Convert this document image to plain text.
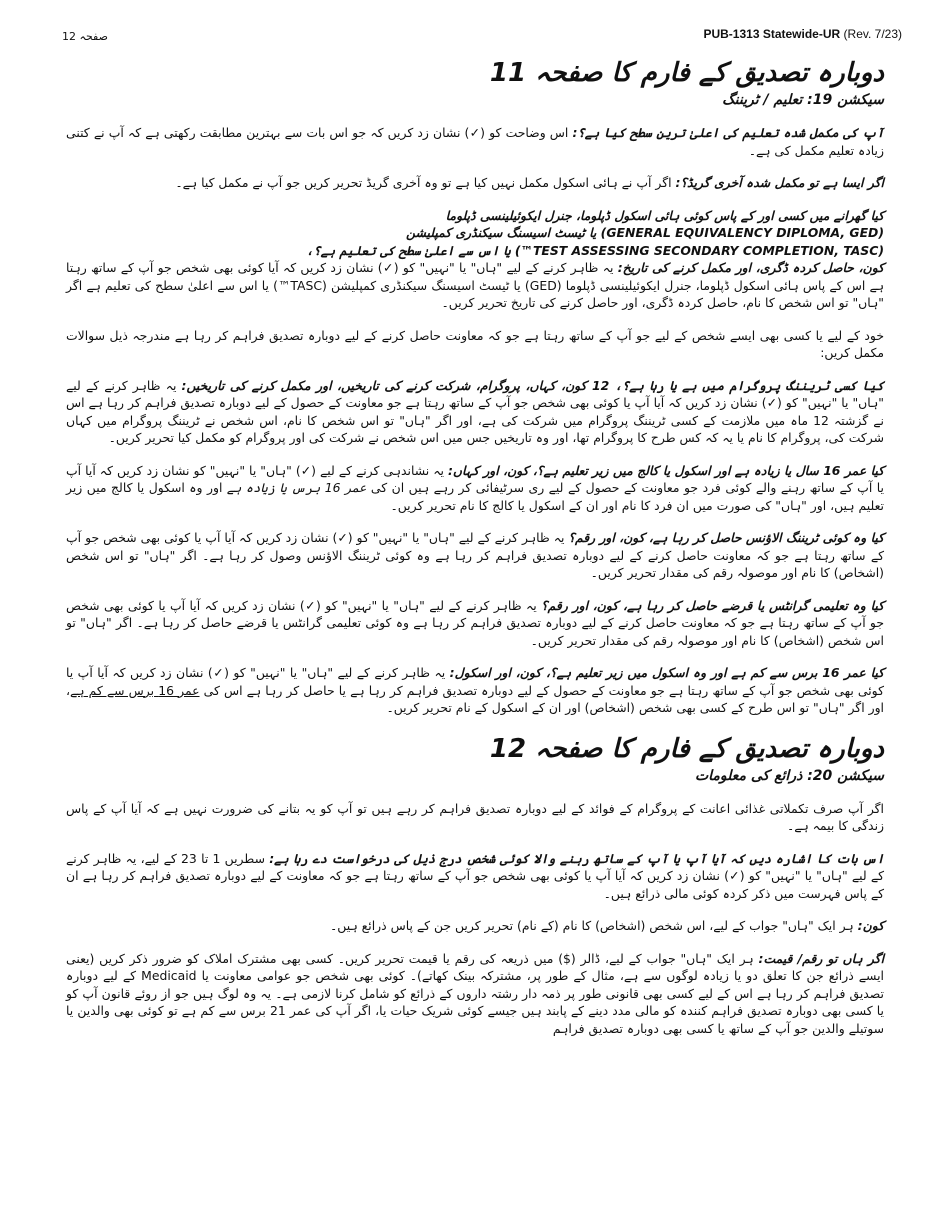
صفحہ 12	PUB-1313 Statewide-UR (Rev. 7/23)
دوبارہ تصدیق کے فارم کا صفحہ 11
سیکشن 19: تعلیم / ٹریننگ

آپ کی مکمل شدہ تعلیم کی اعلیٰ ترین سطح کیا ہے؟: اس وضاحت کو (✓) نشان زد کریں کہ جو اس بات سے بہترین مطابقت رکھتی ہے کہ آپ نے کتنی زیادہ تعلیم مکمل کی ہے۔

اگر ایسا ہے تو مکمل شدہ آخری گریڈ؟: اگر آپ نے ہائی اسکول مکمل نہیں کیا ہے تو وہ آخری گریڈ تحریر کریں جو آپ نے مکمل کیا ہے۔

کیا گھرانے میں کسی اور کے پاس کوئی ہائی اسکول ڈپلوما، جنرل ایکوئیلینسی ڈپلوما

(GENERAL EQUIVALENCY DIPLOMA, GED) یا ٹیسٹ اسیسنگ سیکنڈری کمپلیشن

(TEST ASSESSING SECONDARY COMPLETION, TASC™) یا اس سے اعلیٰ سطح کی تعلیم ہے؟،

کون، حاصل کردہ ڈگری، اور مکمل کرنے کی تاریخ: یہ ظاہر کرنے کے لیے "ہاں" یا "نہیں" کو (✓) نشان زد کریں کہ آیا کوئی بھی شخص جو آپ کے ساتھ رہتا ہے اس کے پاس ہائی اسکول ڈپلوما، جنرل ایکوئیلینسی ڈپلوما (GED) یا ٹیسٹ اسیسنگ سیکنڈری کمپلیشن (TASC™) یا اس سے اعلیٰ سطح کی تعلیم ہے اگر "ہاں" تو اس شخص کا نام، حاصل کردہ ڈگری، اور حاصل کرنے کی تاریخ تحریر کریں۔

خود کے لیے یا کسی بھی ایسے شخص کے لیے جو آپ کے ساتھ رہتا ہے جو کہ معاونت حاصل کرنے کے لیے دوبارہ تصدیق فراہم کر رہا ہے مندرجہ ذیل سوالات مکمل کریں:

کیا کسی ٹریننگ پروگرام میں ہے یا رہا ہے؟، 12 کون، کہاں، پروگرام، شرکت کرنے کی تاریخیں، اور مکمل کرنے کی تاریخیں: یہ ظاہر کرنے کے لیے "ہاں" یا "نہیں" کو (✓) نشان زد کریں کہ آیا آپ یا کوئی بھی شخص جو آپ کے ساتھ رہتا ہے جو معاونت کے حصول کے لیے دوبارہ تصدیق فراہم کر رہا ہے اس نے گزشتہ 12 ماہ میں ملازمت کے کسی ٹریننگ پروگرام میں شرکت کی ہے، اور اگر "ہاں" تو اس شخص کا نام، اس شخص نے ٹریننگ پروگرام میں کہاں شرکت کی، پروگرام کا نام یا یہ کہ کس طرح کا پروگرام تھا، اور وہ تاریخیں جس میں اس شخص نے شرکت کی اور پروگرام کو مکمل کیا تحریر کریں۔

کیا عمر 16 سال یا زیادہ ہے اور اسکول یا کالج میں زیر تعلیم ہے؟، کون، اور کہاں: یہ نشاندہی کرنے کے لیے (✓) "ہاں" یا "نہیں" کو نشان زد کریں کہ آیا آپ یا آپ کے ساتھ رہنے والے کوئی فرد جو معاونت کے حصول کے لیے ری سرٹیفائی کر رہے ہیں ان کی عمر 16 برس یا زیادہ ہے اور وہ اسکول یا کالج میں زیر تعلیم ہیں، اور "ہاں" کی صورت میں ان فرد کا نام اور ان کے اسکول یا کالج کا نام تحریر کریں۔

کیا وہ کوئی ٹریننگ الاؤنس حاصل کر رہا ہے، کون، اور رقم؟ یہ ظاہر کرنے کے لیے "ہاں" یا "نہیں" کو (✓) نشان زد کریں کہ آیا آپ یا کوئی بھی شخص جو آپ کے ساتھ رہتا ہے جو کہ معاونت حاصل کرنے کے لیے دوبارہ تصدیق فراہم کر رہا ہے وہ کوئی ٹریننگ الاؤنس وصول کر رہا ہے۔ اگر "ہاں" تو اس شخص (اشخاص) کا نام اور موصولہ رقم کی مقدار تحریر کریں۔

کیا وہ تعلیمی گرانٹس یا قرضے حاصل کر رہا ہے، کون، اور رقم؟ یہ ظاہر کرنے کے لیے "ہاں" یا "نہیں" کو (✓) نشان زد کریں کہ آیا آپ یا کوئی بھی شخص جو آپ کے ساتھ رہتا ہے جو کہ معاونت حاصل کرنے کے لیے دوبارہ تصدیق فراہم کر رہا ہے وہ کوئی تعلیمی گرانٹس یا قرضے حاصل کر رہا ہے۔ اگر "ہاں" تو اس شخص (اشخاص) کا نام اور موصولہ رقم کی مقدار تحریر کریں۔

کیا عمر 16 برس سے کم ہے اور وہ اسکول میں زیر تعلیم ہے؟، کون، اور اسکول: یہ ظاہر کرنے کے لیے "ہاں" یا "نہیں" کو (✓) نشان زد کریں کہ آیا آپ یا کوئی بھی شخص جو آپ کے ساتھ رہتا ہے جو معاونت کے حصول کے لیے دوبارہ تصدیق فراہم کر رہا ہے یا حاصل کر رہا ہے اس کی عمر 16 برس سے کم ہے، اور اگر "ہاں" تو اس طرح کے کسی بھی شخص (اشخاص) اور ان کے اسکول کے نام تحریر کریں۔

دوبارہ تصدیق کے فارم کا صفحہ 12
سیکشن 20: ذرائع کی معلومات

اگر آپ صرف تکملاتی غذائی اعانت کے پروگرام کے فوائد کے لیے دوبارہ تصدیق فراہم کر رہے ہیں تو آپ کو یہ بتانے کی ضرورت نہیں ہے کہ آیا آپ کے پاس زندگی کا بیمہ ہے۔

اس بات کا اشارہ دیں کہ آیا آپ یا آپ کے ساتھ رہنے والا کوئی شخص درج ذیل کی درخواست دے رہا ہے: سطریں 1 تا 23 کے لیے، یہ ظاہر کرنے کے لیے "ہاں" یا "نہیں" کو (✓) نشان زد کریں کہ آیا آپ یا کوئی بھی شخص جو آپ کے ساتھ رہتا ہے جو کہ معاونت کے لیے دوبارہ تصدیق فراہم کر رہا ہے ان کے پاس فہرست میں ذکر کردہ کوئی مالی ذرائع ہیں۔

کون: ہر ایک "ہاں" جواب کے لیے، اس شخص (اشخاص) کا نام (کے نام) تحریر کریں جن کے پاس ذرائع ہیں۔

اگر ہاں تو رقم/ قیمت: ہر ایک "ہاں" جواب کے لیے، ڈالر ($) میں ذریعہ کی رقم یا قیمت تحریر کریں۔ کسی بھی مشترک املاک کو ضرور ذکر کریں (یعنی ایسے ذرائع جن کا تعلق دو یا زیادہ لوگوں سے ہے، مثال کے طور پر، مشترکہ بینک کھاتے)۔ کوئی بھی شخص جو عوامی معاونت یا Medicaid کے لیے دوبارہ تصدیق فراہم کر رہا ہے اس کے لیے کسی بھی قانونی طور پر ذمہ دار رشتہ داروں کے ذرائع کو شامل کرنا لازمی ہے۔ یہ وہ لوگ ہیں جو از روئے قانون آپ کو یا کسی بھی دوبارہ تصدیق فراہم کنندہ کو مالی مدد دینے کے پابند ہیں جیسے کوئی شریک حیات یا، اگر آپ کی عمر 21 برس سے کم ہے تو کوئی بھی والدین یا سوتیلے والدین جو آپ کے ساتھ یا کسی بھی دوبارہ تصدیق فراہم
